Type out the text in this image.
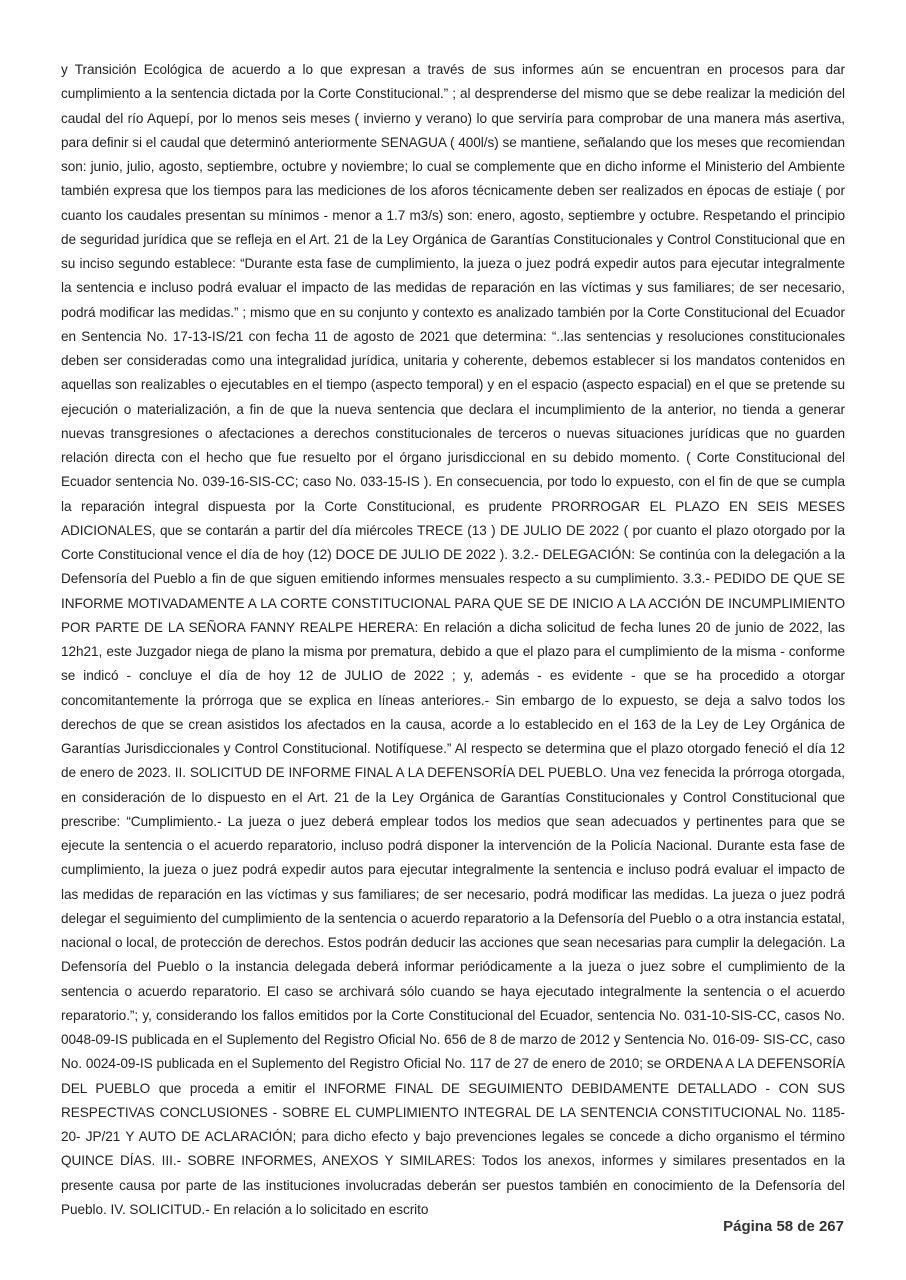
y Transición Ecológica de acuerdo a lo que expresan a través de sus informes aún se encuentran en procesos para dar cumplimiento a la sentencia dictada por la Corte Constitucional.” ; al desprenderse del mismo que se debe realizar la medición del caudal del río Aquepí, por lo menos seis meses ( invierno y verano) lo que serviría para comprobar de una manera más asertiva, para definir si el caudal que determinó anteriormente SENAGUA ( 400l/s) se mantiene, señalando que los meses que recomiendan son: junio, julio, agosto, septiembre, octubre y noviembre; lo cual se complemente que en dicho informe el Ministerio del Ambiente también expresa que los tiempos para las mediciones de los aforos técnicamente deben ser realizados en épocas de estiaje ( por cuanto los caudales presentan su mínimos - menor a 1.7 m3/s) son: enero, agosto, septiembre y octubre. Respetando el principio de seguridad jurídica que se refleja en el Art. 21 de la Ley Orgánica de Garantías Constitucionales y Control Constitucional que en su inciso segundo establece: “Durante esta fase de cumplimiento, la jueza o juez podrá expedir autos para ejecutar integralmente la sentencia e incluso podrá evaluar el impacto de las medidas de reparación en las víctimas y sus familiares; de ser necesario, podrá modificar las medidas.” ; mismo que en su conjunto y contexto es analizado también por la Corte Constitucional del Ecuador en Sentencia No. 17-13-IS/21 con fecha 11 de agosto de 2021 que determina: “..las sentencias y resoluciones constitucionales deben ser consideradas como una integralidad jurídica, unitaria y coherente, debemos establecer si los mandatos contenidos en aquellas son realizables o ejecutables en el tiempo (aspecto temporal) y en el espacio (aspecto espacial) en el que se pretende su ejecución o materialización, a fin de que la nueva sentencia que declara el incumplimiento de la anterior, no tienda a generar nuevas transgresiones o afectaciones a derechos constitucionales de terceros o nuevas situaciones jurídicas que no guarden relación directa con el hecho que fue resuelto por el órgano jurisdiccional en su debido momento. ( Corte Constitucional del Ecuador sentencia No. 039-16-SIS-CC; caso No. 033-15-IS ). En consecuencia, por todo lo expuesto, con el fin de que se cumpla la reparación integral dispuesta por la Corte Constitucional, es prudente PRORROGAR EL PLAZO EN SEIS MESES ADICIONALES, que se contarán a partir del día miércoles TRECE (13 ) DE JULIO DE 2022 ( por cuanto el plazo otorgado por la Corte Constitucional vence el día de hoy (12) DOCE DE JULIO DE 2022 ). 3.2.- DELEGACIÓN: Se continúa con la delegación a la Defensoría del Pueblo a fin de que siguen emitiendo informes mensuales respecto a su cumplimiento. 3.3.- PEDIDO DE QUE SE INFORME MOTIVADAMENTE A LA CORTE CONSTITUCIONAL PARA QUE SE DE INICIO A LA ACCIÓN DE INCUMPLIMIENTO POR PARTE DE LA SEÑORA FANNY REALPE HERERA: En relación a dicha solicitud de fecha lunes 20 de junio de 2022, las 12h21, este Juzgador niega de plano la misma por prematura, debido a que el plazo para el cumplimiento de la misma - conforme se indicó - concluye el día de hoy 12 de JULIO de 2022 ; y, además - es evidente - que se ha procedido a otorgar concomitantemente la prórroga que se explica en líneas anteriores.- Sin embargo de lo expuesto, se deja a salvo todos los derechos de que se crean asistidos los afectados en la causa, acorde a lo establecido en el 163 de la Ley de Ley Orgánica de Garantías Jurisdiccionales y Control Constitucional. Notifíquese.” Al respecto se determina que el plazo otorgado feneció el día 12 de enero de 2023. II. SOLICITUD DE INFORME FINAL A LA DEFENSORÍA DEL PUEBLO. Una vez fenecida la prórroga otorgada, en consideración de lo dispuesto en el Art. 21 de la Ley Orgánica de Garantías Constitucionales y Control Constitucional que prescribe: “Cumplimiento.- La jueza o juez deberá emplear todos los medios que sean adecuados y pertinentes para que se ejecute la sentencia o el acuerdo reparatorio, incluso podrá disponer la intervención de la Policía Nacional. Durante esta fase de cumplimiento, la jueza o juez podrá expedir autos para ejecutar integralmente la sentencia e incluso podrá evaluar el impacto de las medidas de reparación en las víctimas y sus familiares; de ser necesario, podrá modificar las medidas. La jueza o juez podrá delegar el seguimiento del cumplimiento de la sentencia o acuerdo reparatorio a la Defensoría del Pueblo o a otra instancia estatal, nacional o local, de protección de derechos. Estos podrán deducir las acciones que sean necesarias para cumplir la delegación. La Defensoría del Pueblo o la instancia delegada deberá informar periódicamente a la jueza o juez sobre el cumplimiento de la sentencia o acuerdo reparatorio. El caso se archivará sólo cuando se haya ejecutado integralmente la sentencia o el acuerdo reparatorio.”; y, considerando los fallos emitidos por la Corte Constitucional del Ecuador, sentencia No. 031-10-SIS-CC, casos No. 0048-09-IS publicada en el Suplemento del Registro Oficial No. 656 de 8 de marzo de 2012 y Sentencia No. 016-09- SIS-CC, caso No. 0024-09-IS publicada en el Suplemento del Registro Oficial No. 117 de 27 de enero de 2010; se ORDENA A LA DEFENSORÍA DEL PUEBLO que proceda a emitir el INFORME FINAL DE SEGUIMIENTO DEBIDAMENTE DETALLADO - CON SUS RESPECTIVAS CONCLUSIONES - SOBRE EL CUMPLIMIENTO INTEGRAL DE LA SENTENCIA CONSTITUCIONAL No. 1185-20- JP/21 Y AUTO DE ACLARACIÓN; para dicho efecto y bajo prevenciones legales se concede a dicho organismo el término QUINCE DÍAS. III.- SOBRE INFORMES, ANEXOS Y SIMILARES: Todos los anexos, informes y similares presentados en la presente causa por parte de las instituciones involucradas deberán ser puestos también en conocimiento de la Defensoría del Pueblo. IV. SOLICITUD.- En relación a lo solicitado en escrito

Página 58 de 267
